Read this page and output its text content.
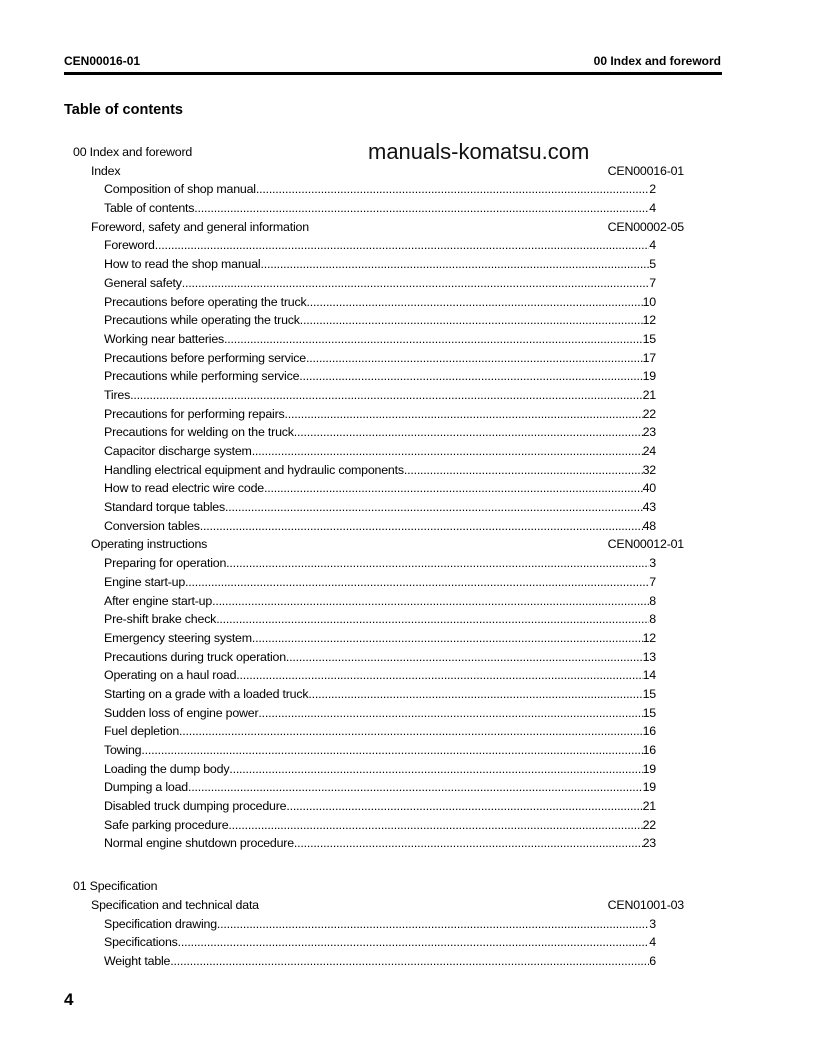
CEN00016-01	00 Index and foreword
Table of contents
manuals-komatsu.com
00 Index and foreword
Index	CEN00016-01
Composition of shop manual .....	2
Table of contents .....	4
Foreword, safety and general information	CEN00002-05
Foreword .....	4
How to read the shop manual .....	5
General safety .....	7
Precautions before operating the truck .....	10
Precautions while operating the truck .....	12
Working near batteries .....	15
Precautions before performing service .....	17
Precautions while performing service .....	19
Tires .....	21
Precautions for performing repairs .....	22
Precautions for welding on the truck .....	23
Capacitor discharge system .....	24
Handling electrical equipment and hydraulic components .....	32
How to read electric wire code .....	40
Standard torque tables .....	43
Conversion tables .....	48
Operating instructions	CEN00012-01
Preparing for operation .....	3
Engine start-up .....	7
After engine start-up .....	8
Pre-shift brake check .....	8
Emergency steering system .....	12
Precautions during truck operation .....	13
Operating on a haul road .....	14
Starting on a grade with a loaded truck .....	15
Sudden loss of engine power .....	15
Fuel depletion .....	16
Towing .....	16
Loading the dump body .....	19
Dumping a load .....	19
Disabled truck dumping procedure .....	21
Safe parking procedure .....	22
Normal engine shutdown procedure .....	23
01 Specification
Specification and technical data	CEN01001-03
Specification drawing .....	3
Specifications .....	4
Weight table .....	6
4
